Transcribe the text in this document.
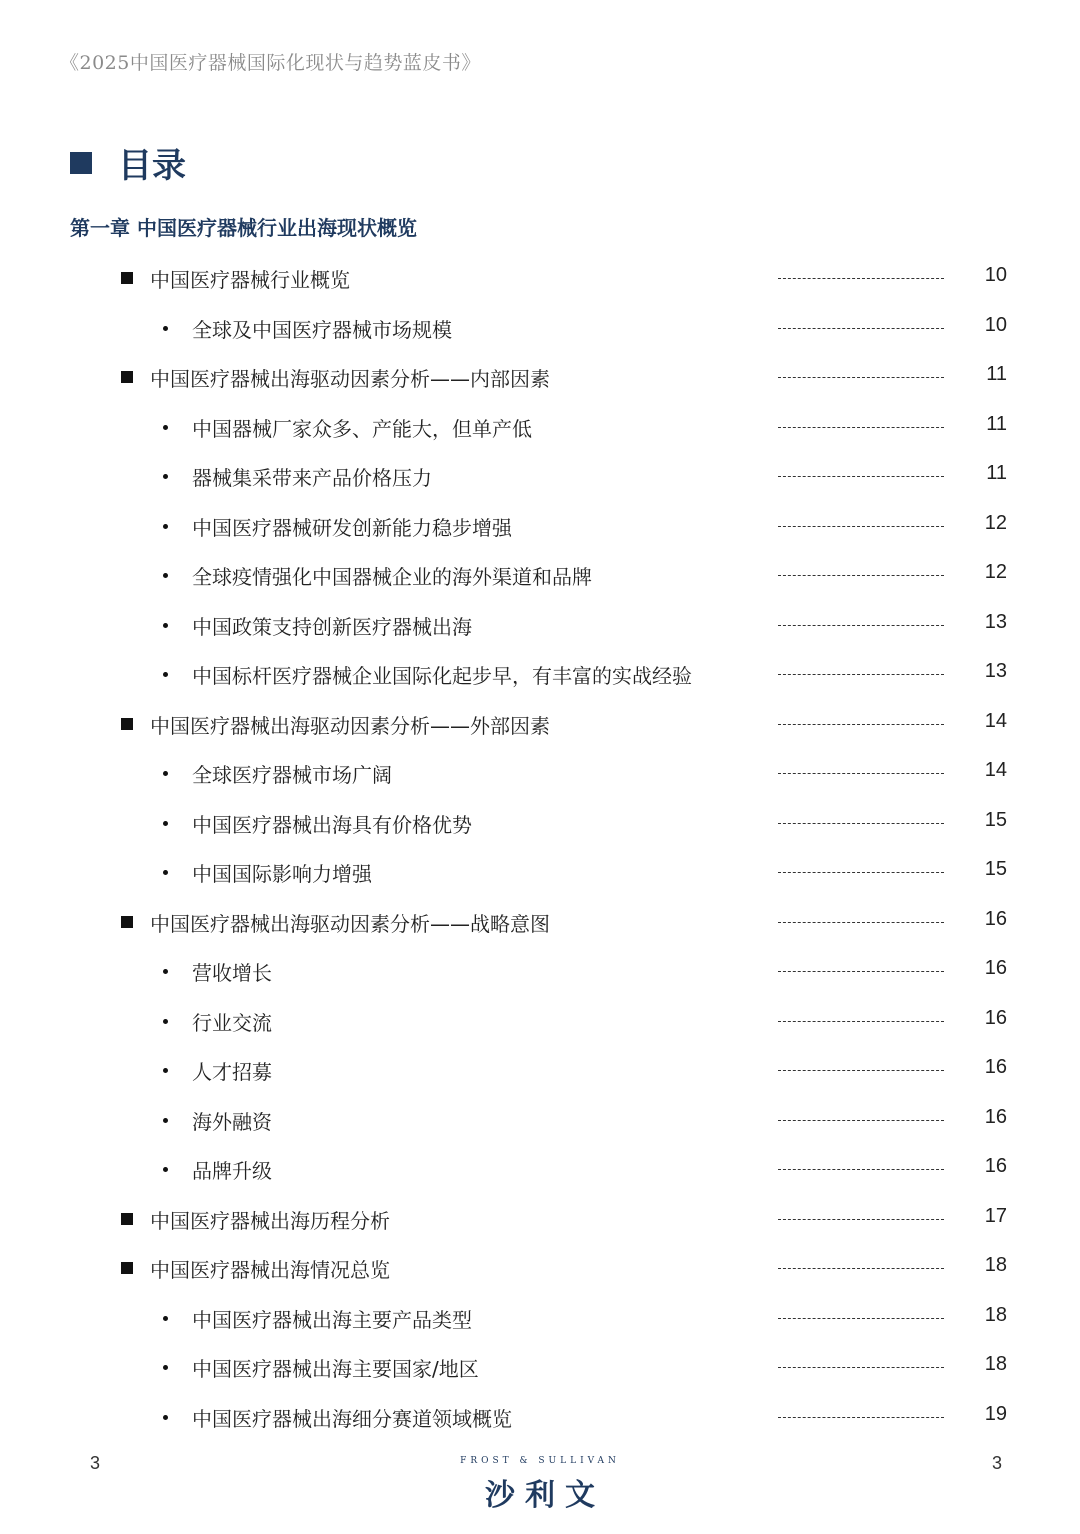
《2025中国医疗器械国际化现状与趋势蓝皮书》
目录
第一章 中国医疗器械行业出海现状概览
中国医疗器械行业概览	10
全球及中国医疗器械市场规模	10
中国医疗器械出海驱动因素分析——内部因素	11
中国器械厂家众多、产能大，但单产低	11
器械集采带来产品价格压力	11
中国医疗器械研发创新能力稳步增强	12
全球疫情强化中国器械企业的海外渠道和品牌	12
中国政策支持创新医疗器械出海	13
中国标杆医疗器械企业国际化起步早，有丰富的实战经验	13
中国医疗器械出海驱动因素分析——外部因素	14
全球医疗器械市场广阔	14
中国医疗器械出海具有价格优势	15
中国国际影响力增强	15
中国医疗器械出海驱动因素分析——战略意图	16
营收增长	16
行业交流	16
人才招募	16
海外融资	16
品牌升级	16
中国医疗器械出海历程分析	17
中国医疗器械出海情况总览	18
中国医疗器械出海主要产品类型	18
中国医疗器械出海主要国家/地区	18
中国医疗器械出海细分赛道领域概览	19
3	FROST & SULLIVAN
沙利文
3
